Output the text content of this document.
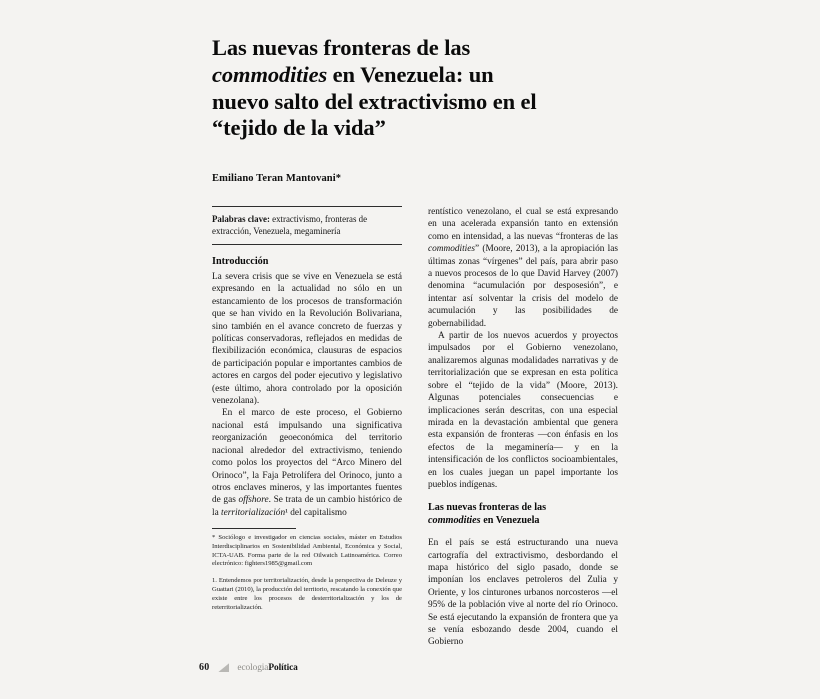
Las nuevas fronteras de las commodities en Venezuela: un nuevo salto del extractivismo en el “tejido de la vida”

Emiliano Teran Mantovani*

Palabras clave: extractivismo, fronteras de extracción, Venezuela, megaminería

Introducción

La severa crisis que se vive en Venezuela se está expresando en la actualidad no sólo en un estancamiento de los procesos de transformación que se han vivido en la Revolución Bolivariana, sino también en el avance concreto de fuerzas y políticas conservadoras, reflejados en medidas de flexibilización económica, clausuras de espacios de participación popular e importantes cambios de actores en cargos del poder ejecutivo y legislativo (este último, ahora controlado por la oposición venezolana).

En el marco de este proceso, el Gobierno nacional está impulsando una significativa reorganización geoeconómica del territorio nacional alrededor del extractivismo, teniendo como polos los proyectos del “Arco Minero del Orinoco”, la Faja Petrolífera del Orinoco, junto a otros enclaves mineros, y las importantes fuentes de gas offshore. Se trata de un cambio histórico de la territorialización¹ del capitalismo

* Sociólogo e investigador en ciencias sociales, máster en Estudios Interdisciplinarios en Sostenibilidad Ambiental, Económica y Social, ICTA-UAB. Forma parte de la red Oilwatch Latinoamérica. Correo electrónico: fighters1985@gmail.com

1. Entendemos por territorialización, desde la perspectiva de Deleuze y Guattari (2010), la producción del territorio, rescatando la conexión que existe entre los procesos de desterritorialización y los de reterritorialización.

rentístico venezolano, el cual se está expresando en una acelerada expansión tanto en extensión como en intensidad, a las nuevas “fronteras de las commodities” (Moore, 2013), a la apropiación las últimas zonas “vírgenes” del país, para abrir paso a nuevos procesos de lo que David Harvey (2007) denomina “acumulación por desposesión”, e intentar así solventar la crisis del modelo de acumulación y las posibilidades de gobernabilidad.

A partir de los nuevos acuerdos y proyectos impulsados por el Gobierno venezolano, analizaremos algunas modalidades narrativas y de territorialización que se expresan en esta política sobre el “tejido de la vida” (Moore, 2013). Algunas potenciales consecuencias e implicaciones serán descritas, con una especial mirada en la devastación ambiental que genera esta expansión de fronteras —con énfasis en los efectos de la megaminería— y en la intensificación de los conflictos socioambientales, en los cuales juegan un papel importante los pueblos indígenas.

Las nuevas fronteras de las
commodities en Venezuela

En el país se está estructurando una nueva cartografía del extractivismo, desbordando el mapa histórico del siglo pasado, donde se imponían los enclaves petroleros del Zulia y Oriente, y los cinturones urbanos norcosteros —el 95% de la población vive al norte del río Orinoco. Se está ejecutando la expansión de frontera que ya se venía esbozando desde 2004, cuando el Gobierno

60	ecologiaPolítica
